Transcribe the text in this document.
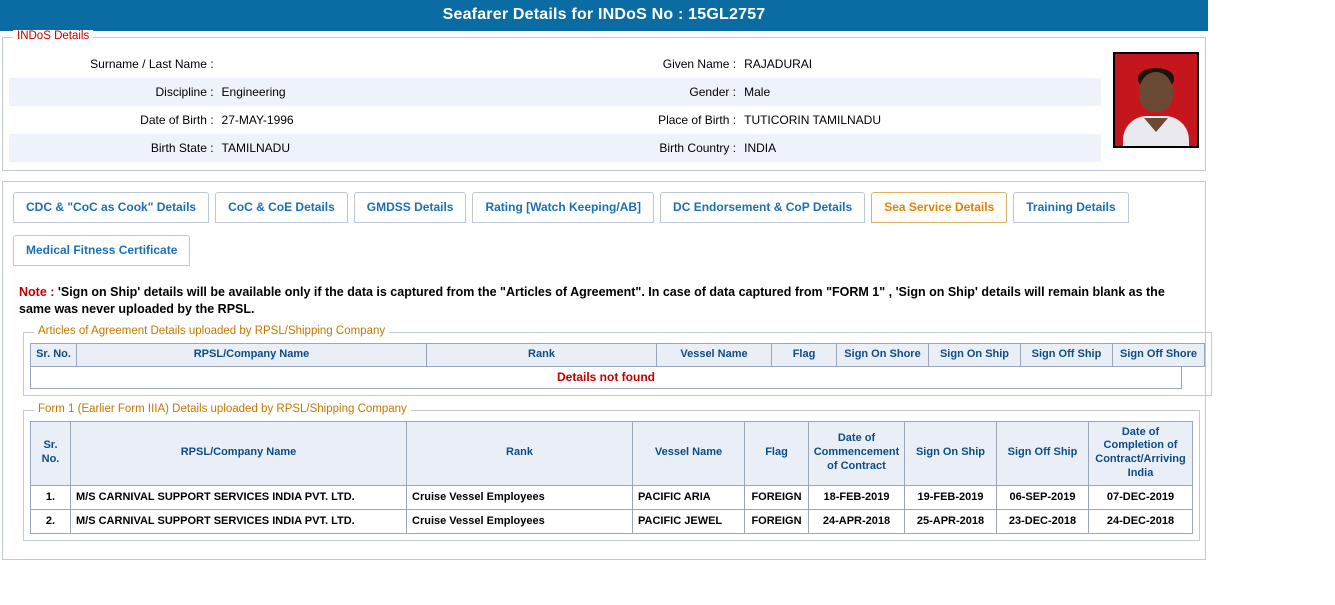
Seafarer Details for INDoS No : 15GL2757
INDoS Details
Surname / Last Name :		Given Name :	RAJADURAI
Discipline :	Engineering	Gender :	Male
Date of Birth :	27-MAY-1996	Place of Birth :	TUTICORIN TAMILNADU
Birth State :	TAMILNADU	Birth Country :	INDIA
CDC & "CoC as Cook" Details	CoC & CoE Details	GMDSS Details	Rating [Watch Keeping/AB]	DC Endorsement & CoP Details	Sea Service Details	Training Details
Medical Fitness Certificate
Note : 'Sign on Ship' details will be available only if the data is captured from the "Articles of Agreement". In case of data captured from "FORM 1" , 'Sign on Ship' details will remain blank as the same was never uploaded by the RPSL.
Articles of Agreement Details uploaded by RPSL/Shipping Company
Sr. No.	RPSL/Company Name	Rank	Vessel Name	Flag	Sign On Shore	Sign On Ship	Sign Off Ship	Sign Off Shore
Details not found
Form 1 (Earlier Form IIIA) Details uploaded by RPSL/Shipping Company
Sr. No.	RPSL/Company Name	Rank	Vessel Name	Flag	Date of Commencement of Contract	Sign On Ship	Sign Off Ship	Date of Completion of Contract/Arriving India
1.	M/S CARNIVAL SUPPORT SERVICES INDIA PVT. LTD.	Cruise Vessel Employees	PACIFIC ARIA	FOREIGN	18-FEB-2019	19-FEB-2019	06-SEP-2019	07-DEC-2019
2.	M/S CARNIVAL SUPPORT SERVICES INDIA PVT. LTD.	Cruise Vessel Employees	PACIFIC JEWEL	FOREIGN	24-APR-2018	25-APR-2018	23-DEC-2018	24-DEC-2018
